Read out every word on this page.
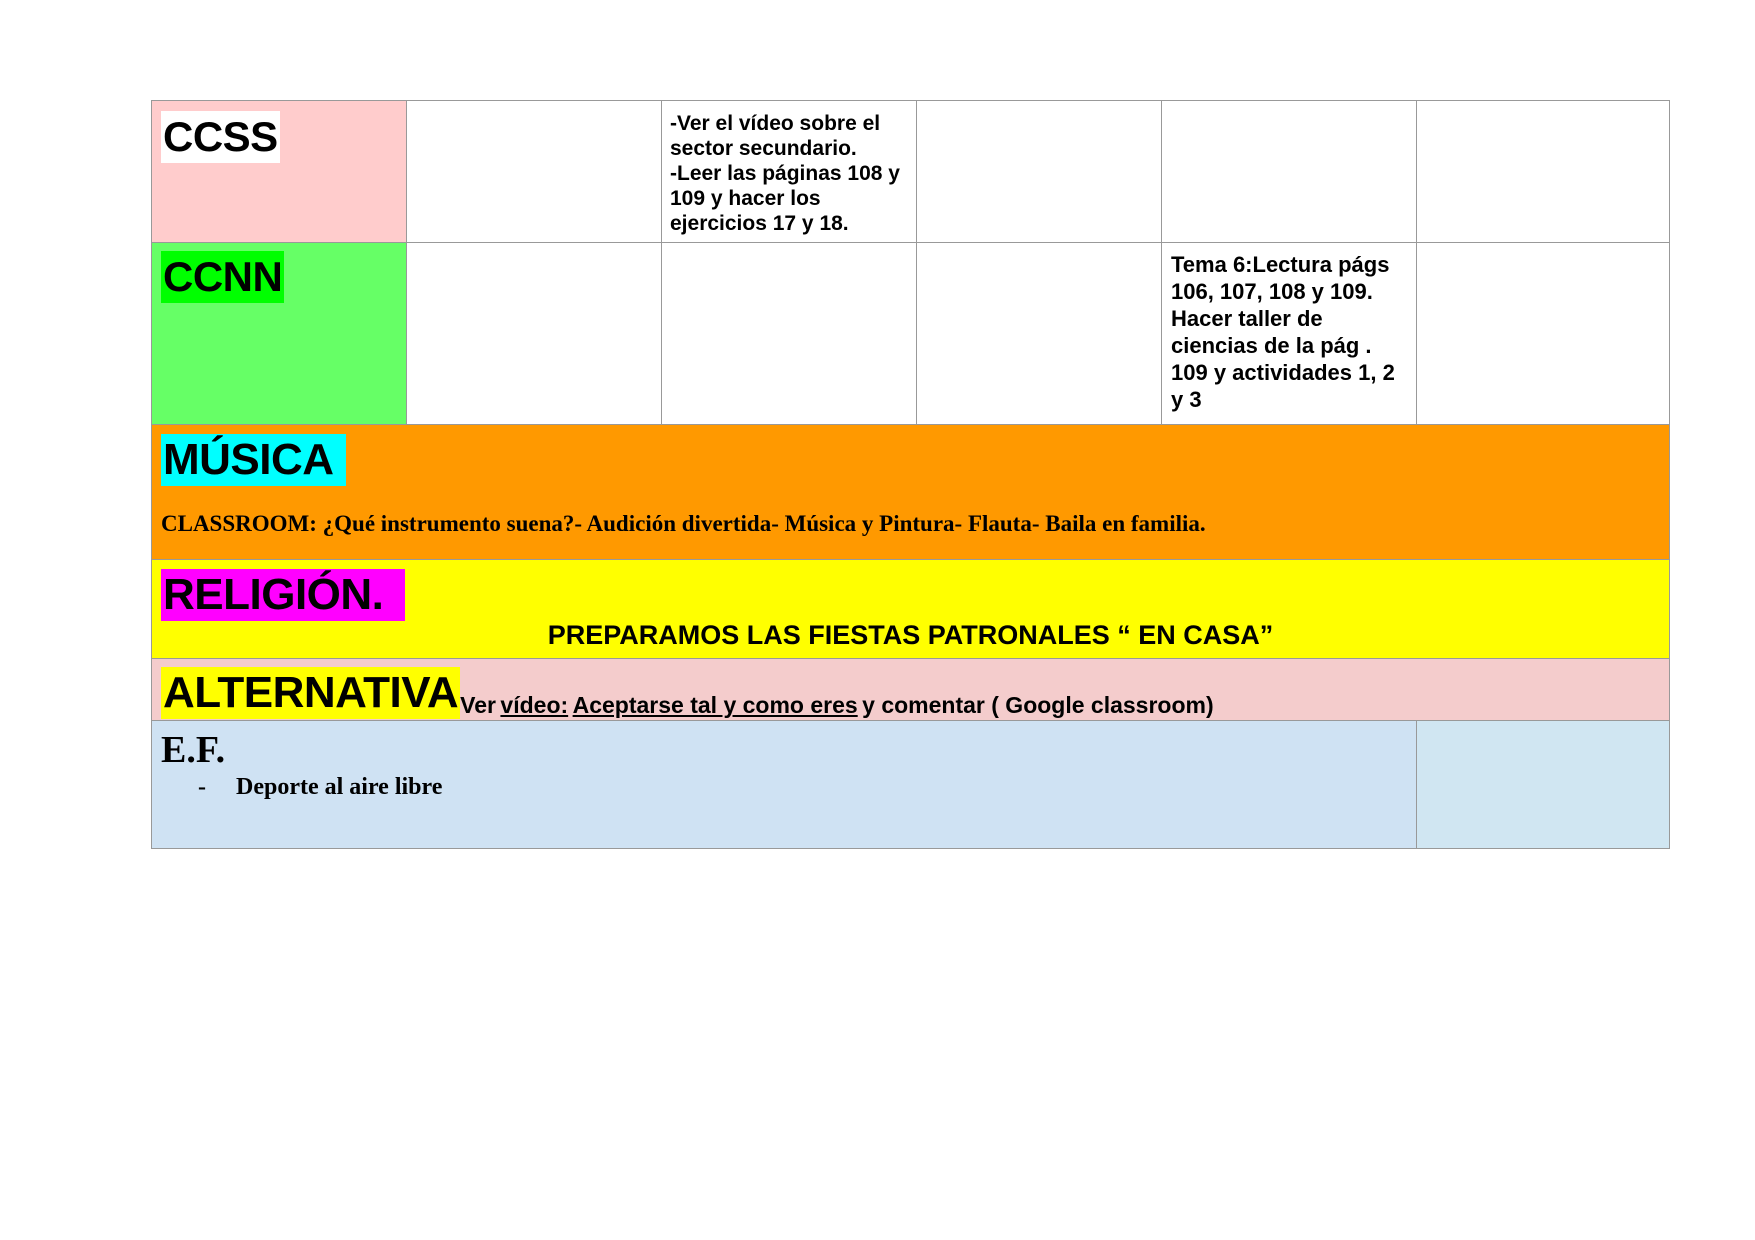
CCSS	-Ver el vídeo sobre el
sector secundario.
-Leer las páginas 108 y
109 y hacer los
ejercicios 17 y 18.
CCNN	Tema 6:Lectura págs
106, 107, 108 y 109.
Hacer taller de
ciencias de la pág .
109 y actividades 1, 2
y 3
MÚSICA
CLASSROOM: ¿Qué instrumento suena?- Audición divertida- Música y Pintura- Flauta- Baila en familia.
RELIGIÓN.
PREPARAMOS LAS FIESTAS PATRONALES “ EN CASA”
ALTERNATIVAVer vídeo: Aceptarse tal y como eres y comentar ( Google classroom)
E.F.
- Deporte al aire libre
